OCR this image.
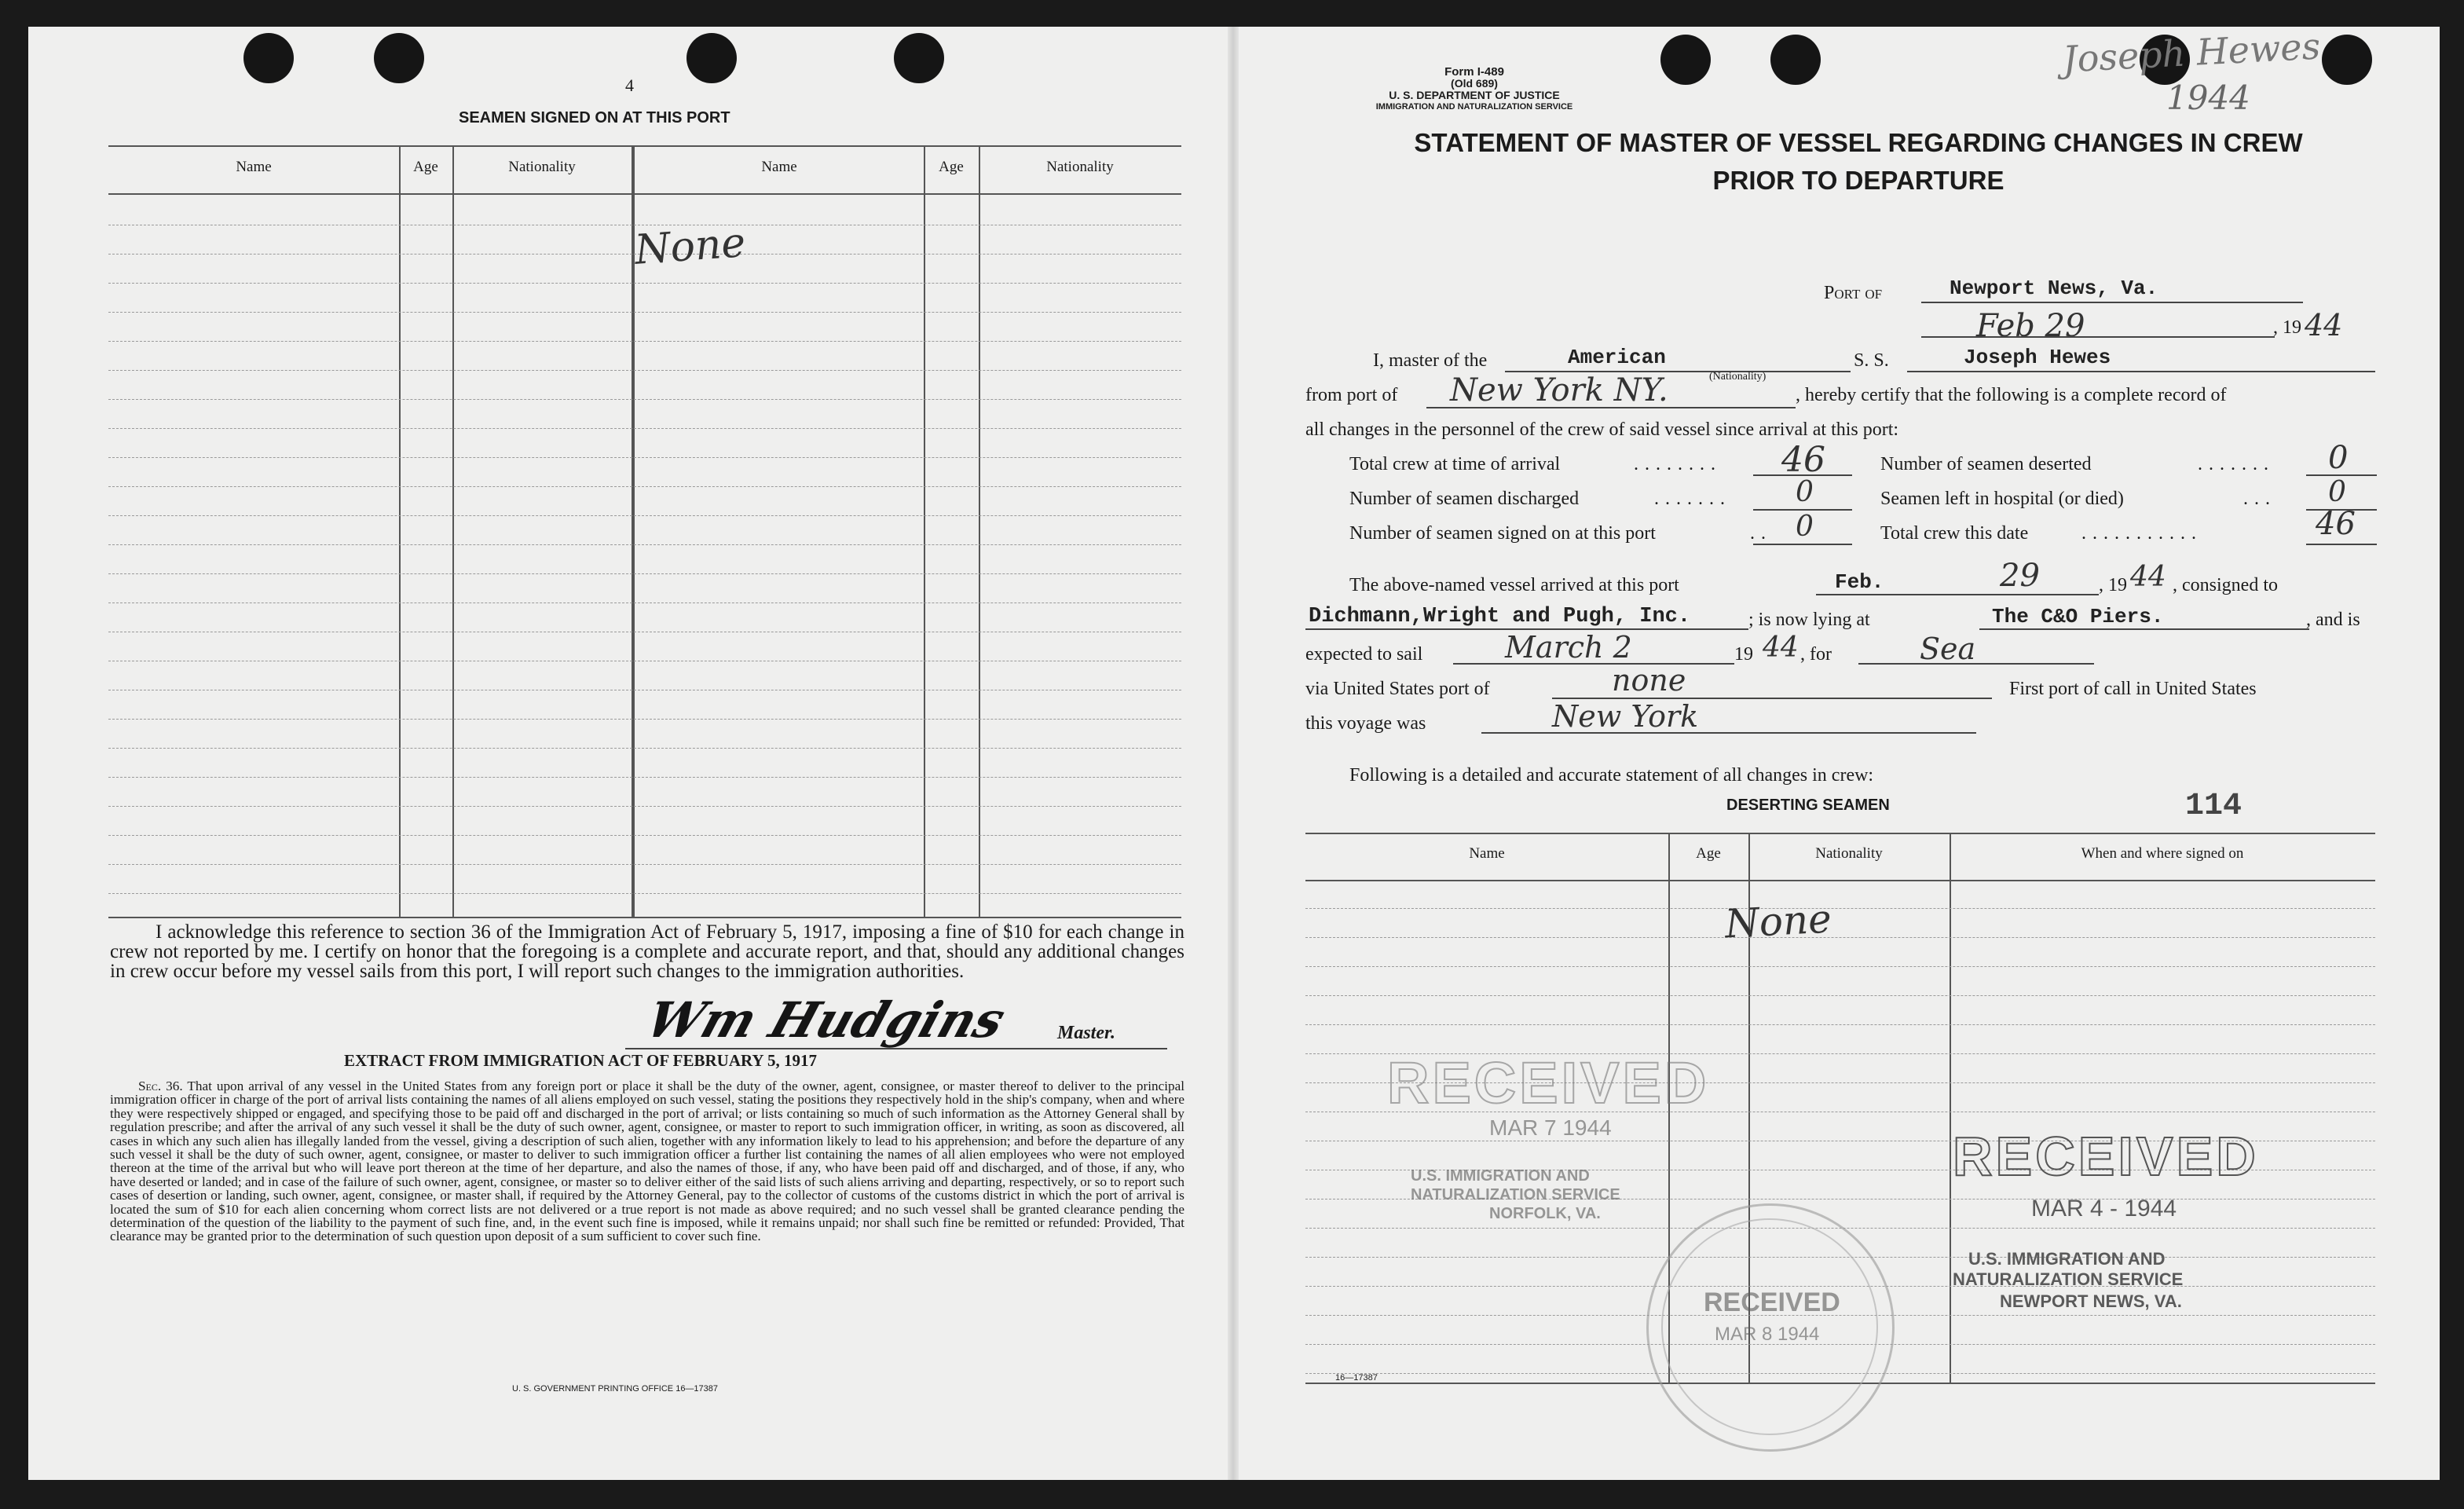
4
SEAMEN SIGNED ON AT THIS PORT
Name	Age	Nationality	Name	Age	Nationality
None
I acknowledge this reference to section 36 of the Immigration Act of February 5, 1917, imposing a fine of $10 for each change in crew not reported by me. I certify on honor that the foregoing is a complete and accurate report, and that, should any additional changes in crew occur before my vessel sails from this port, I will report such changes to the immigration authorities.
Wm Hudgins Master.
EXTRACT FROM IMMIGRATION ACT OF FEBRUARY 5, 1917
Sec. 36. That upon arrival of any vessel in the United States from any foreign port or place it shall be the duty of the owner, agent, consignee, or master thereof to deliver to the principal immigration officer in charge of the port of arrival lists containing the names of all aliens employed on such vessel, stating the positions they respectively hold in the ship's company, when and where they were respectively shipped or engaged, and specifying those to be paid off and discharged in the port of arrival; or lists containing so much of such information as the Attorney General shall by regulation prescribe; and after the arrival of any such vessel it shall be the duty of such owner, agent, consignee, or master to report to such immigration officer, in writing, as soon as discovered, all cases in which any such alien has illegally landed from the vessel, giving a description of such alien, together with any information likely to lead to his apprehension; and before the departure of any such vessel it shall be the duty of such owner, agent, consignee, or master to deliver to such immigration officer a further list containing the names of all alien employees who were not employed thereon at the time of the arrival but who will leave port thereon at the time of her departure, and also the names of those, if any, who have been paid off and discharged, and of those, if any, who have deserted or landed; and in case of the failure of such owner, agent, consignee, or master so to deliver either of the said lists of such aliens arriving and departing, respectively, or so to report such cases of desertion or landing, such owner, agent, consignee, or master shall, if required by the Attorney General, pay to the collector of customs of the customs district in which the port of arrival is located the sum of $10 for each alien concerning whom correct lists are not delivered or a true report is not made as above required; and no such vessel shall be granted clearance pending the determination of the question of the liability to the payment of such fine, and, in the event such fine is imposed, while it remains unpaid; nor shall such fine be remitted or refunded: Provided, That clearance may be granted prior to the determination of such question upon deposit of a sum sufficient to cover such fine.
U. S. GOVERNMENT PRINTING OFFICE 16—17387
Form I-489
(Old 689)
U. S. DEPARTMENT OF JUSTICE
IMMIGRATION AND NATURALIZATION SERVICE
Joseph Hewes
1944
STATEMENT OF MASTER OF VESSEL REGARDING CHANGES IN CREW
PRIOR TO DEPARTURE
Port of	Newport News, Va.
Feb 29	, 19 44
I, master of the	American
(Nationality)
S. S.	Joseph Hewes
from port of New York NY.	, hereby certify that the following is a complete record of
all changes in the personnel of the crew of said vessel since arrival at this port:
Total crew at time of arrival	........ 46	Number of seamen deserted	....... 0
Number of seamen discharged	....... 0	Seamen left in hospital (or died)	... 0
Number of seamen signed on at this port	.. 0	Total crew this date	...........	46
The above-named vessel arrived at this port	Feb.	29	, 19 44 , consigned to
Dichmann,Wright and Pugh, Inc.	; is now lying at	The C&O Piers.	, and is
expected to sail	March 2	19 44 , for	Sea
via United States port of	none	First port of call in United States
this voyage was	New York
Following is a detailed and accurate statement of all changes in crew:
DESERTING SEAMEN	114
Name	Age	Nationality	When and where signed on
None
16—17387
RECEIVED
MAR 7 1944
U.S. IMMIGRATION AND
NATURALIZATION SERVICE
NORFOLK, VA.
RECEIVED
MAR 8 1944
RECEIVED
MAR 4 - 1944
U.S. IMMIGRATION AND
NATURALIZATION SERVICE
NEWPORT NEWS, VA.
